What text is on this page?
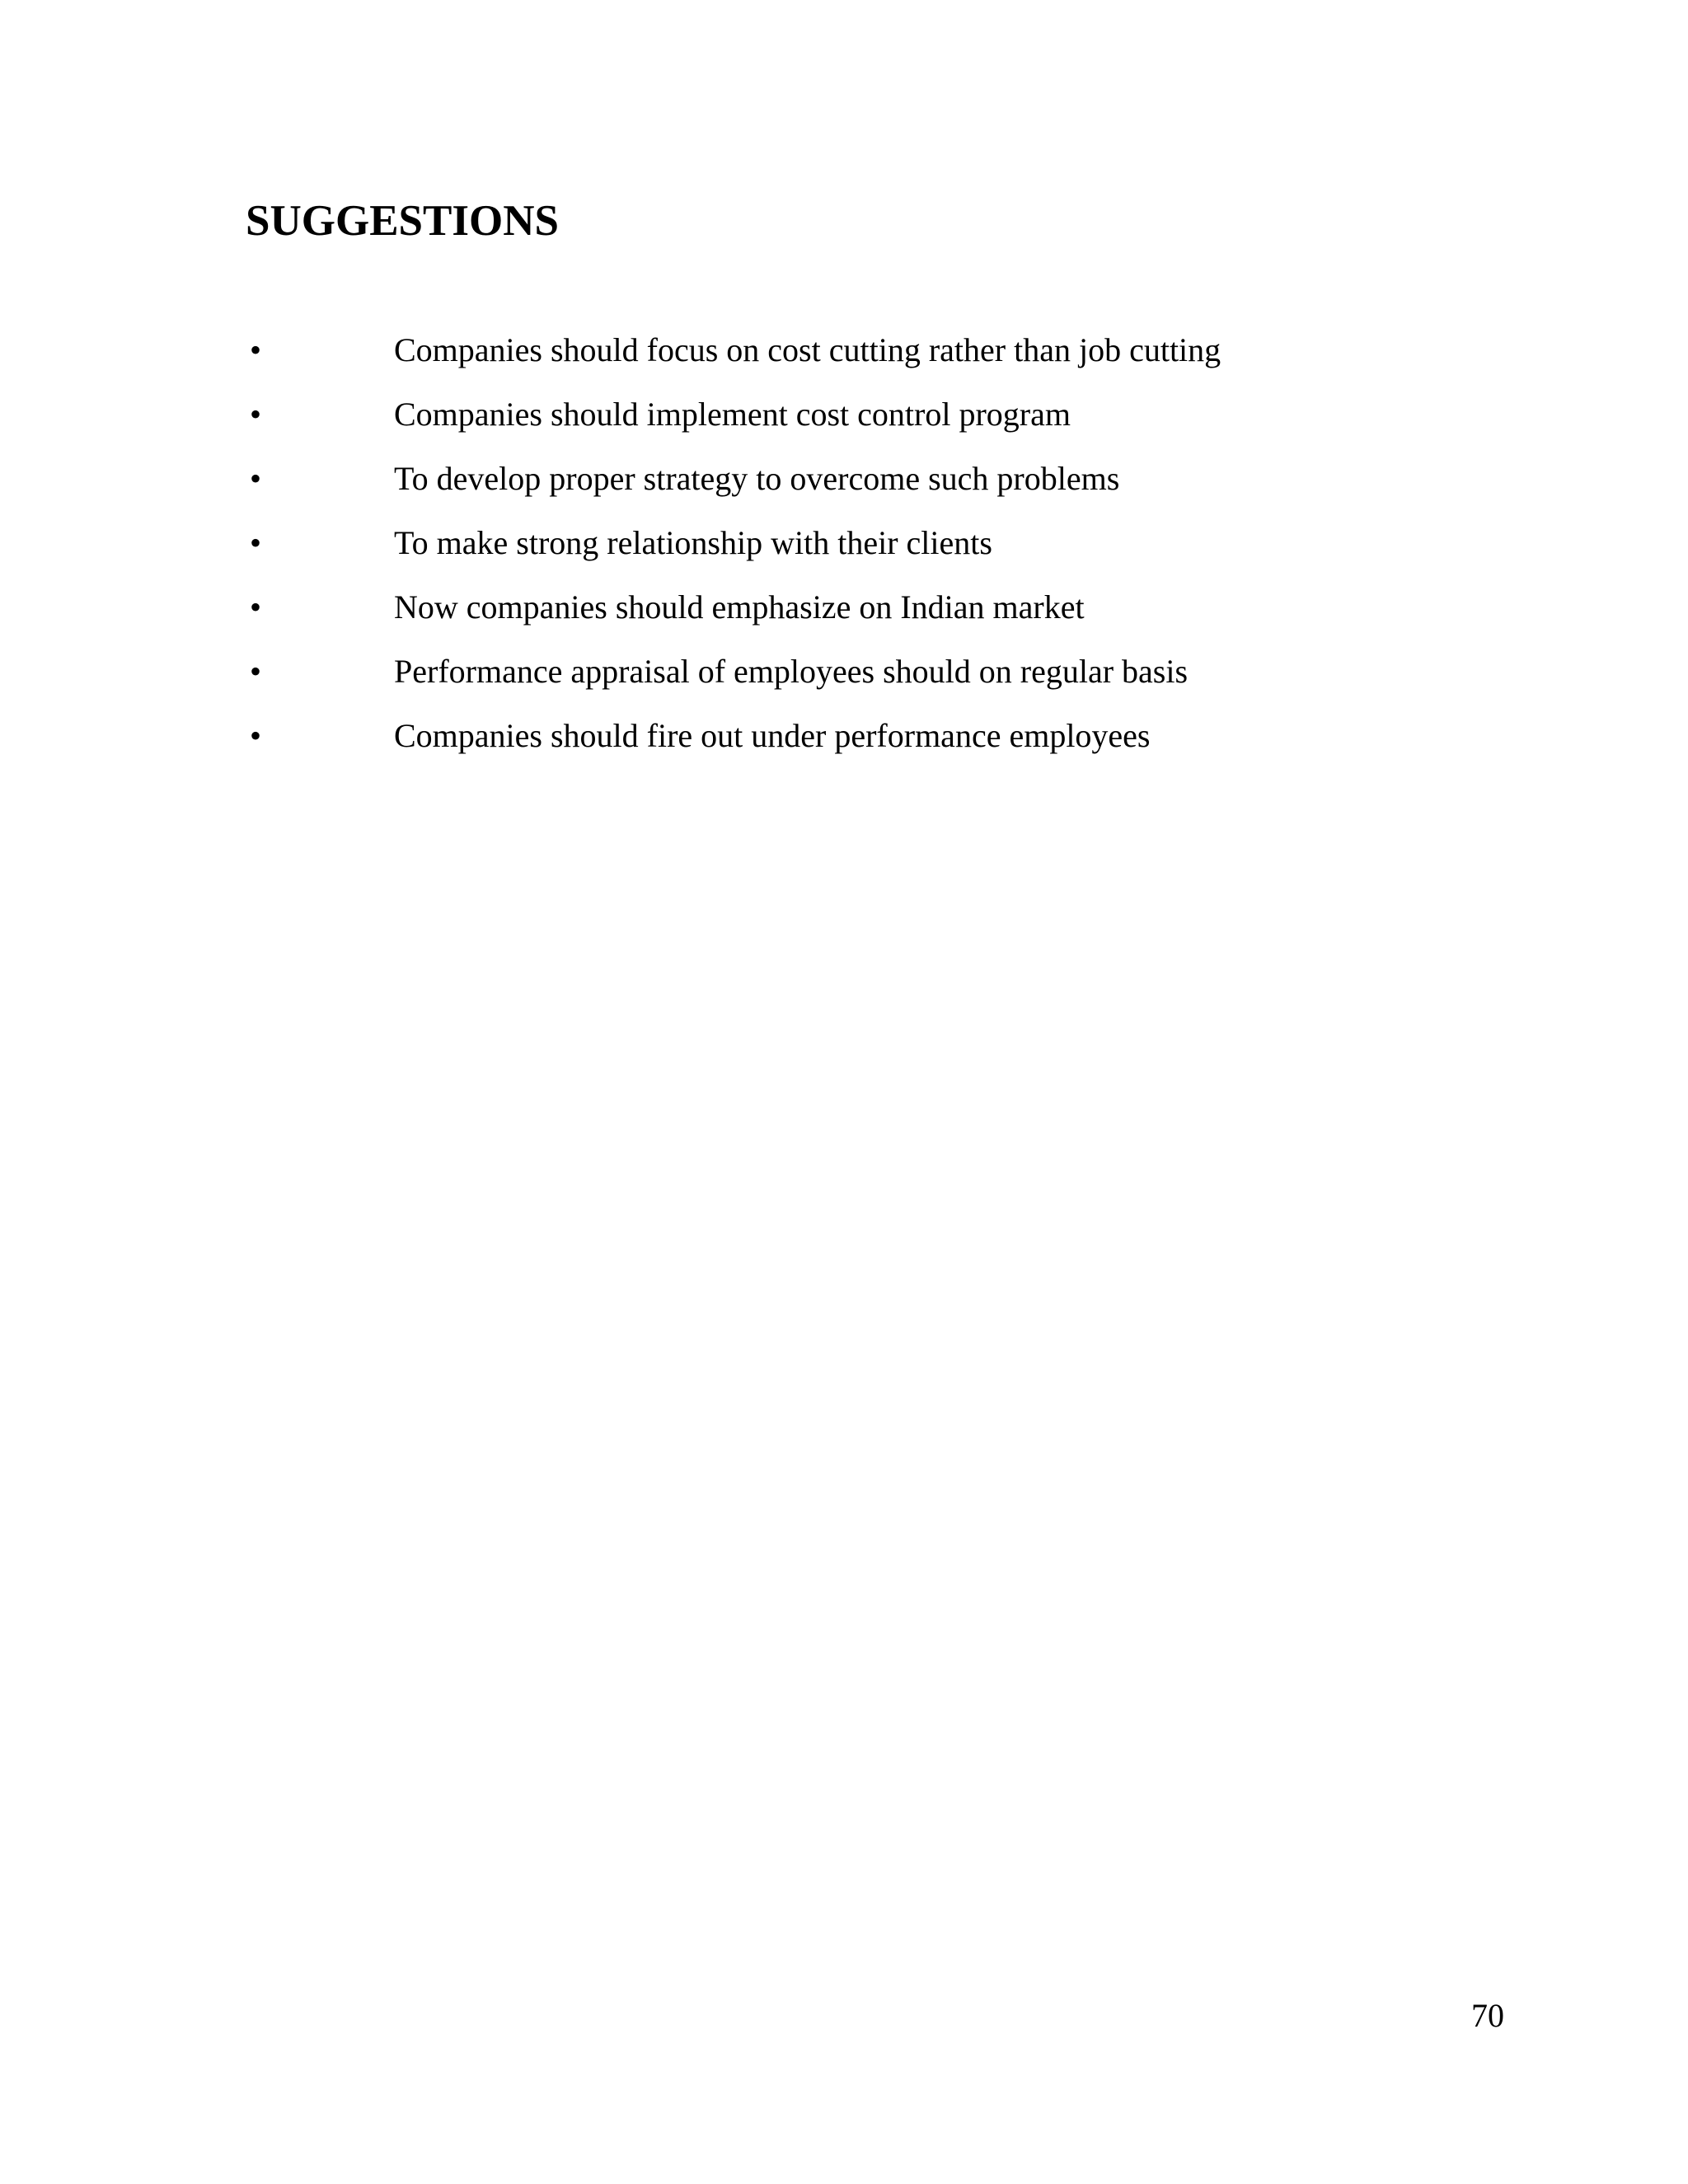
SUGGESTIONS
•	Companies should focus on cost cutting rather than job cutting
•	Companies should implement cost control program
•	To develop proper strategy to overcome such problems
•	To make strong relationship with their clients
•	Now companies should emphasize on Indian market
•	Performance appraisal of employees should on regular basis
•	Companies should fire out under performance employees
70
